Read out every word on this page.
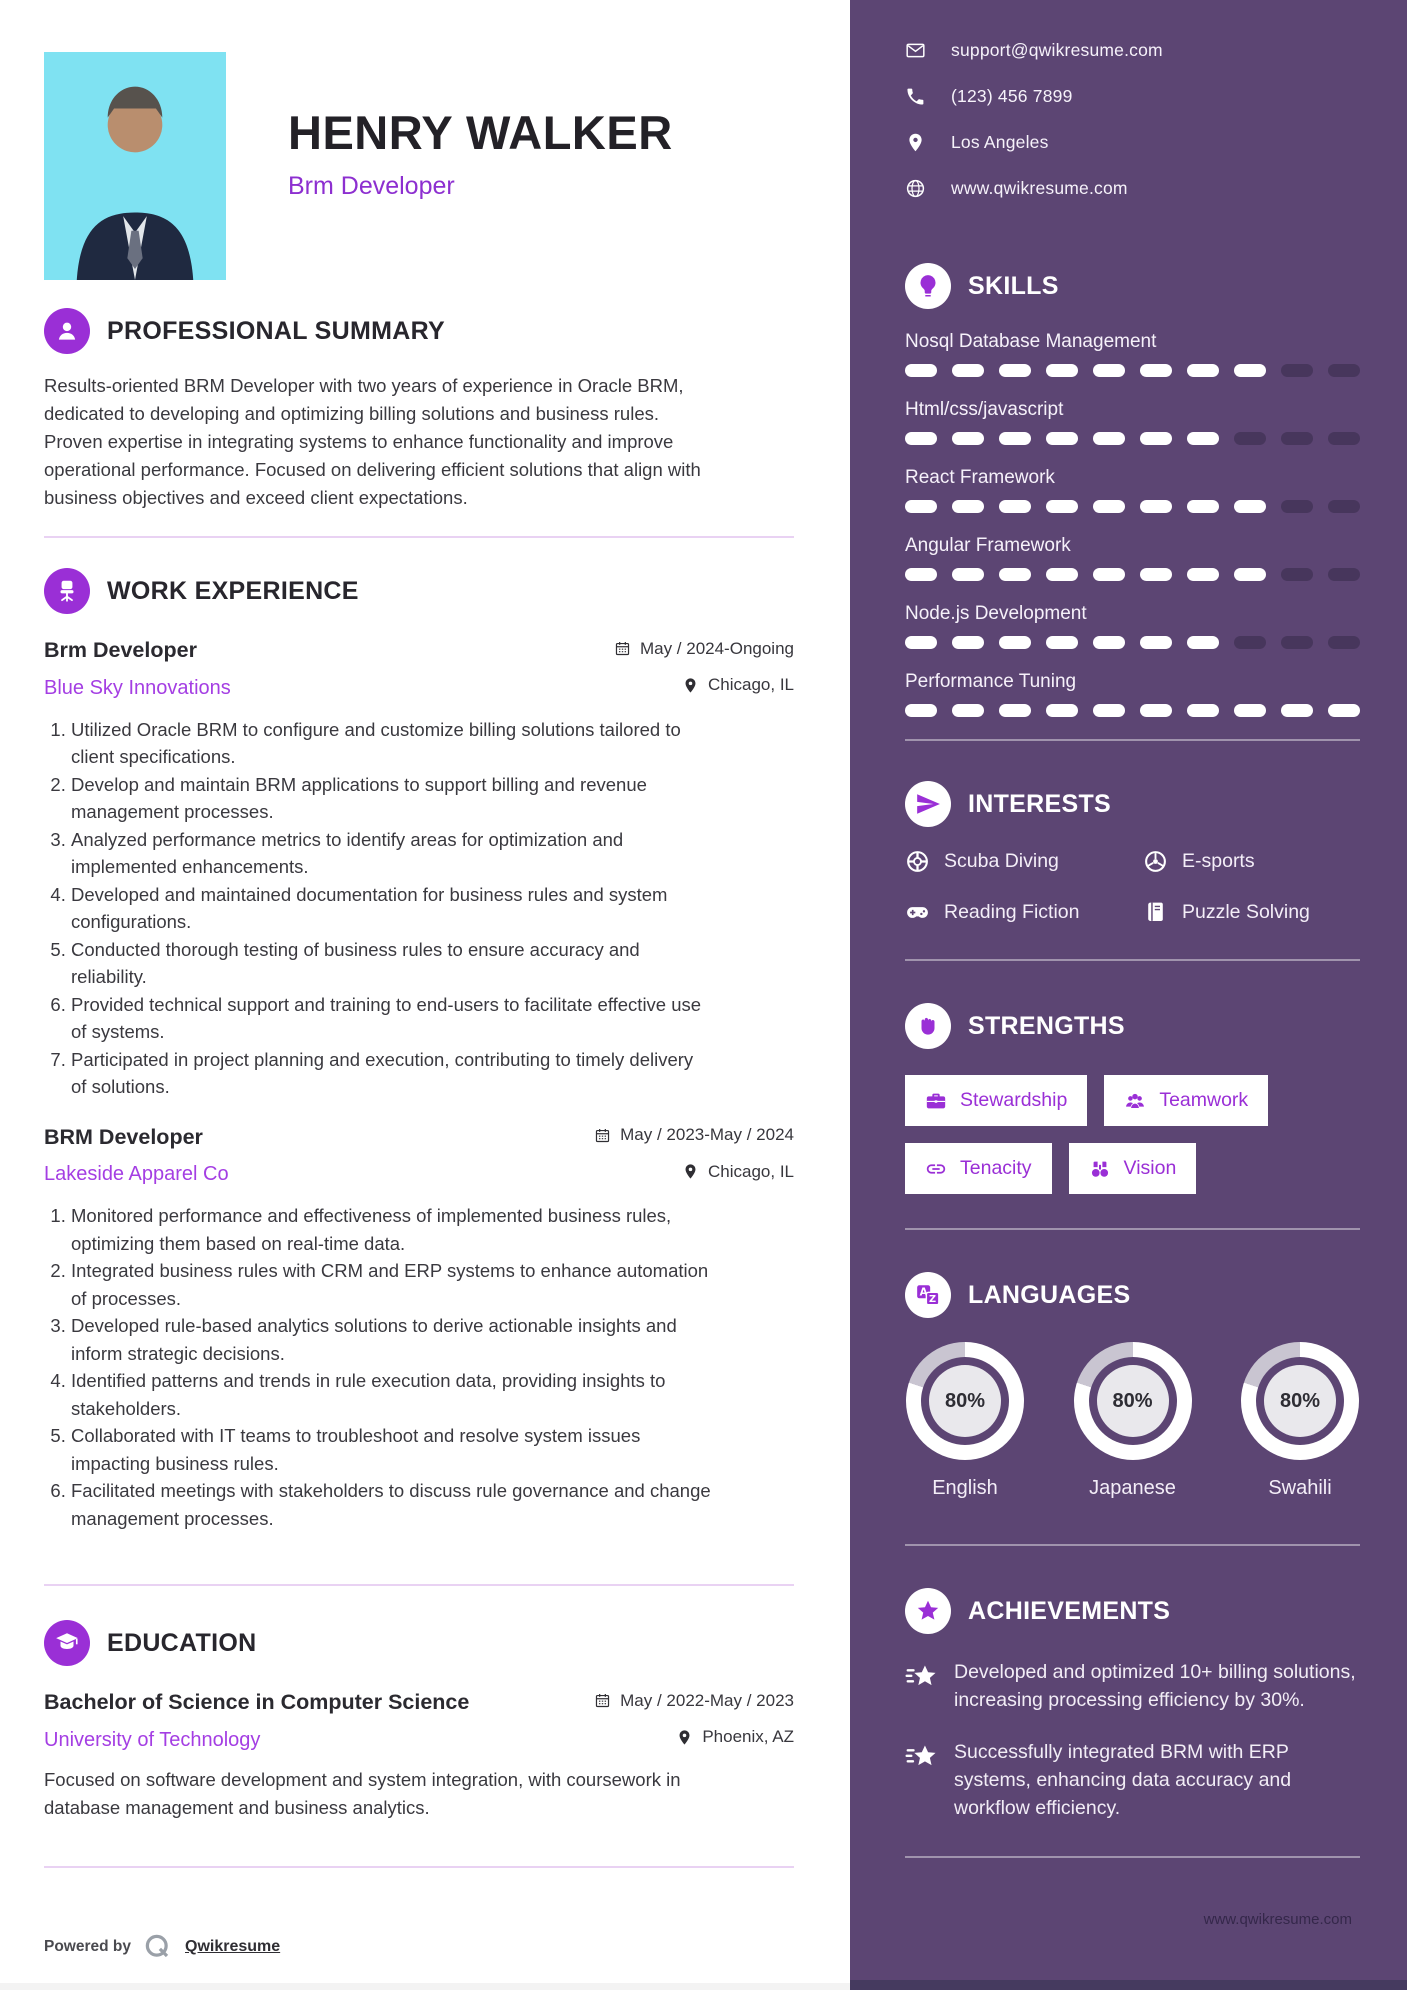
HENRY WALKER
Brm Developer
PROFESSIONAL SUMMARY

Results-oriented BRM Developer with two years of experience in Oracle BRM, dedicated to developing and optimizing billing solutions and business rules. Proven expertise in integrating systems to enhance functionality and improve operational performance. Focused on delivering efficient solutions that align with business objectives and exceed client expectations.

WORK EXPERIENCE
Brm Developer	May / 2024-Ongoing
Blue Sky Innovations	Chicago, IL
1. Utilized Oracle BRM to configure and customize billing solutions tailored to client specifications.
2. Develop and maintain BRM applications to support billing and revenue management processes.
3. Analyzed performance metrics to identify areas for optimization and implemented enhancements.
4. Developed and maintained documentation for business rules and system configurations.
5. Conducted thorough testing of business rules to ensure accuracy and reliability.
6. Provided technical support and training to end-users to facilitate effective use of systems.
7. Participated in project planning and execution, contributing to timely delivery of solutions.
BRM Developer	May / 2023-May / 2024
Lakeside Apparel Co	Chicago, IL
1. Monitored performance and effectiveness of implemented business rules, optimizing them based on real-time data.
2. Integrated business rules with CRM and ERP systems to enhance automation of processes.
3. Developed rule-based analytics solutions to derive actionable insights and inform strategic decisions.
4. Identified patterns and trends in rule execution data, providing insights to stakeholders.
5. Collaborated with IT teams to troubleshoot and resolve system issues impacting business rules.
6. Facilitated meetings with stakeholders to discuss rule governance and change management processes.
EDUCATION
Bachelor of Science in Computer Science	May / 2022-May / 2023
University of Technology	Phoenix, AZ

Focused on software development and system integration, with coursework in database management and business analytics.

Powered by	Qwikresume
support@qwikresume.com
(123) 456 7899
Los Angeles
www.qwikresume.com
SKILLS
Nosql Database Management
Html/css/javascript
React Framework
Angular Framework
Node.js Development
Performance Tuning
INTERESTS
Scuba Diving	E-sports
Reading Fiction	Puzzle Solving
STRENGTHS
Stewardship	Teamwork
Tenacity	Vision
LANGUAGES
80%
English
80%
Japanese
80%
Swahili
ACHIEVEMENTS
Developed and optimized 10+ billing solutions, increasing processing efficiency by 30%.
Successfully integrated BRM with ERP systems, enhancing data accuracy and workflow efficiency.
www.qwikresume.com
